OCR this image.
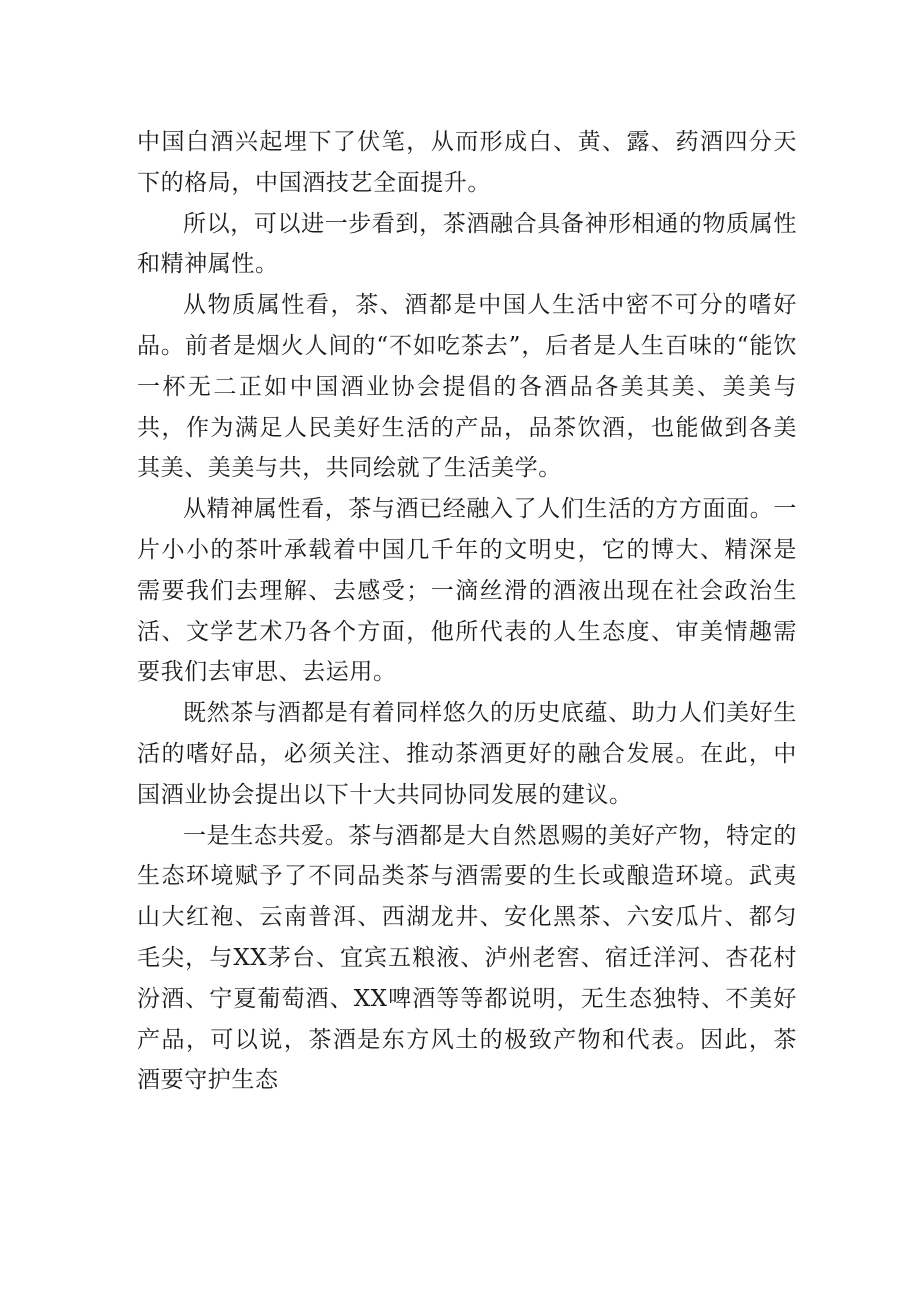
中国白酒兴起埋下了伏笔，从而形成白、黄、露、药酒四分天下的格局，中国酒技艺全面提升。

所以，可以进一步看到，茶酒融合具备神形相通的物质属性和精神属性。

从物质属性看，茶、酒都是中国人生活中密不可分的嗜好品。前者是烟火人间的“不如吃茶去”，后者是人生百味的“能饮一杯无二正如中国酒业协会提倡的各酒品各美其美、美美与共，作为满足人民美好生活的产品，品茶饮酒，也能做到各美其美、美美与共，共同绘就了生活美学。

从精神属性看，茶与酒已经融入了人们生活的方方面面。一片小小的茶叶承载着中国几千年的文明史，它的博大、精深是需要我们去理解、去感受；一滴丝滑的酒液出现在社会政治生活、文学艺术乃各个方面，他所代表的人生态度、审美情趣需要我们去审思、去运用。

既然茶与酒都是有着同样悠久的历史底蕴、助力人们美好生活的嗜好品，必须关注、推动茶酒更好的融合发展。在此，中国酒业协会提出以下十大共同协同发展的建议。

一是生态共爱。茶与酒都是大自然恩赐的美好产物，特定的生态环境赋予了不同品类茶与酒需要的生长或酿造环境。武夷山大红袍、云南普洱、西湖龙井、安化黑茶、六安瓜片、都匀毛尖，与XX茅台、宜宾五粮液、泸州老窖、宿迁洋河、杏花村汾酒、宁夏葡萄酒、XX啤酒等等都说明，无生态独特、不美好产品，可以说，茶酒是东方风土的极致产物和代表。因此，茶酒要守护生态
